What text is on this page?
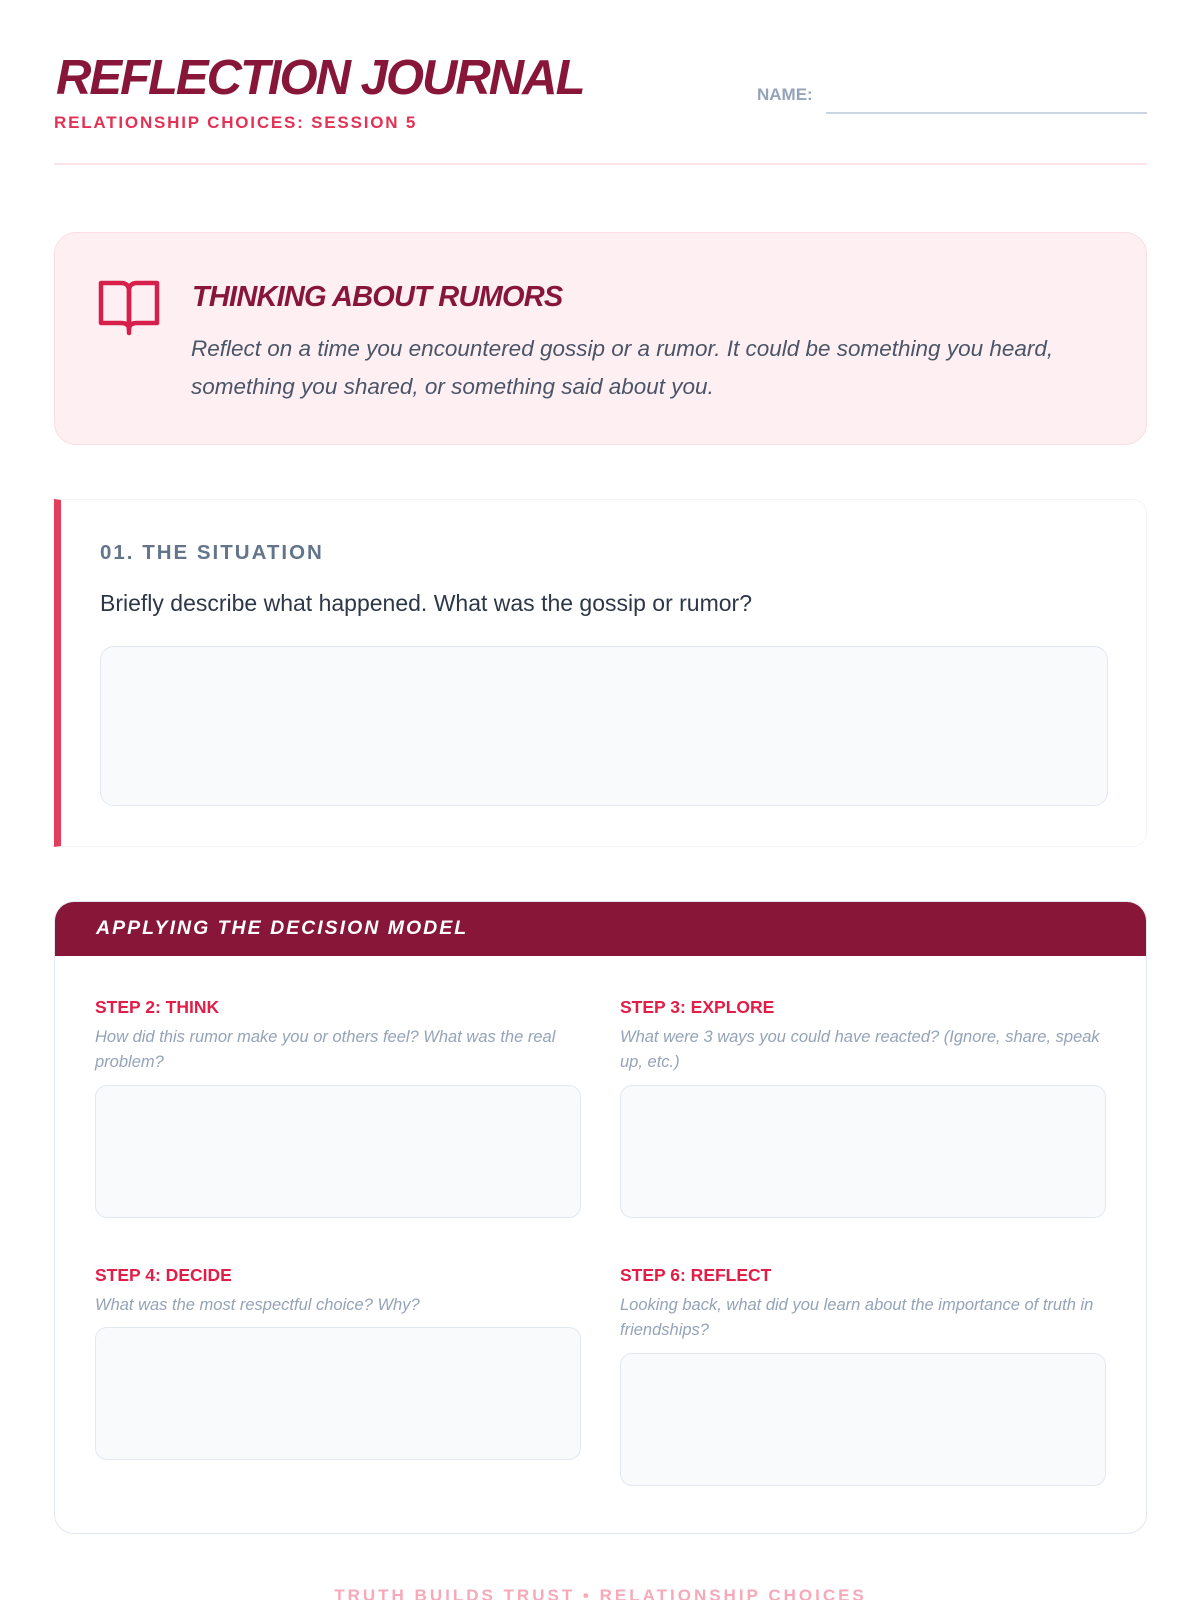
REFLECTION JOURNAL
RELATIONSHIP CHOICES: SESSION 5
NAME:
THINKING ABOUT RUMORS
Reflect on a time you encountered gossip or a rumor. It could be something you heard, something you shared, or something said about you.
01. THE SITUATION
Briefly describe what happened. What was the gossip or rumor?
APPLYING THE DECISION MODEL
STEP 2: THINK
How did this rumor make you or others feel? What was the real problem?
STEP 3: EXPLORE
What were 3 ways you could have reacted? (Ignore, share, speak up, etc.)
STEP 4: DECIDE
What was the most respectful choice? Why?
STEP 6: REFLECT
Looking back, what did you learn about the importance of truth in friendships?
TRUTH BUILDS TRUST • RELATIONSHIP CHOICES
